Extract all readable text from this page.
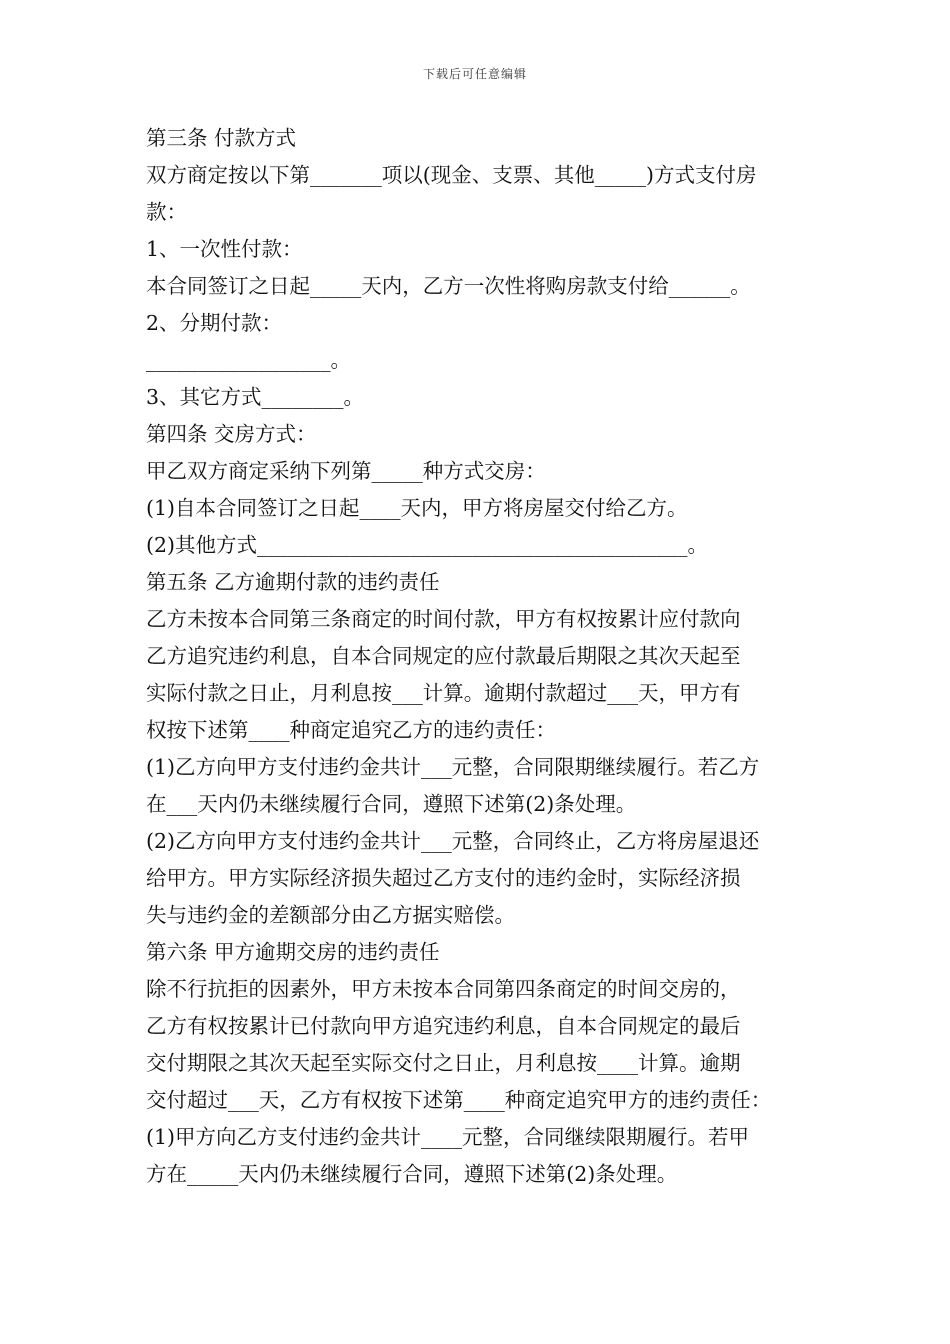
下载后可任意编辑
第三条 付款方式
双方商定按以下第_______项以(现金、支票、其他_____)方式支付房
款：
1、一次性付款：
本合同签订之日起_____天内，乙方一次性将购房款支付给______。
2、分期付款：
__________________。
3、其它方式________。
第四条 交房方式：
甲乙双方商定采纳下列第_____种方式交房：
(1)自本合同签订之日起____天内，甲方将房屋交付给乙方。
(2)其他方式__________________________________________。
第五条 乙方逾期付款的违约责任
乙方未按本合同第三条商定的时间付款，甲方有权按累计应付款向
乙方追究违约利息，自本合同规定的应付款最后期限之其次天起至
实际付款之日止，月利息按___计算。逾期付款超过___天，甲方有
权按下述第____种商定追究乙方的违约责任：
(1)乙方向甲方支付违约金共计___元整，合同限期继续履行。若乙方
在___天内仍未继续履行合同，遵照下述第(2)条处理。
(2)乙方向甲方支付违约金共计___元整，合同终止，乙方将房屋退还
给甲方。甲方实际经济损失超过乙方支付的违约金时，实际经济损
失与违约金的差额部分由乙方据实赔偿。
第六条 甲方逾期交房的违约责任
除不行抗拒的因素外，甲方未按本合同第四条商定的时间交房的，
乙方有权按累计已付款向甲方追究违约利息，自本合同规定的最后
交付期限之其次天起至实际交付之日止，月利息按____计算。逾期
交付超过___天，乙方有权按下述第____种商定追究甲方的违约责任：
(1)甲方向乙方支付违约金共计____元整，合同继续限期履行。若甲
方在_____天内仍未继续履行合同，遵照下述第(2)条处理。
